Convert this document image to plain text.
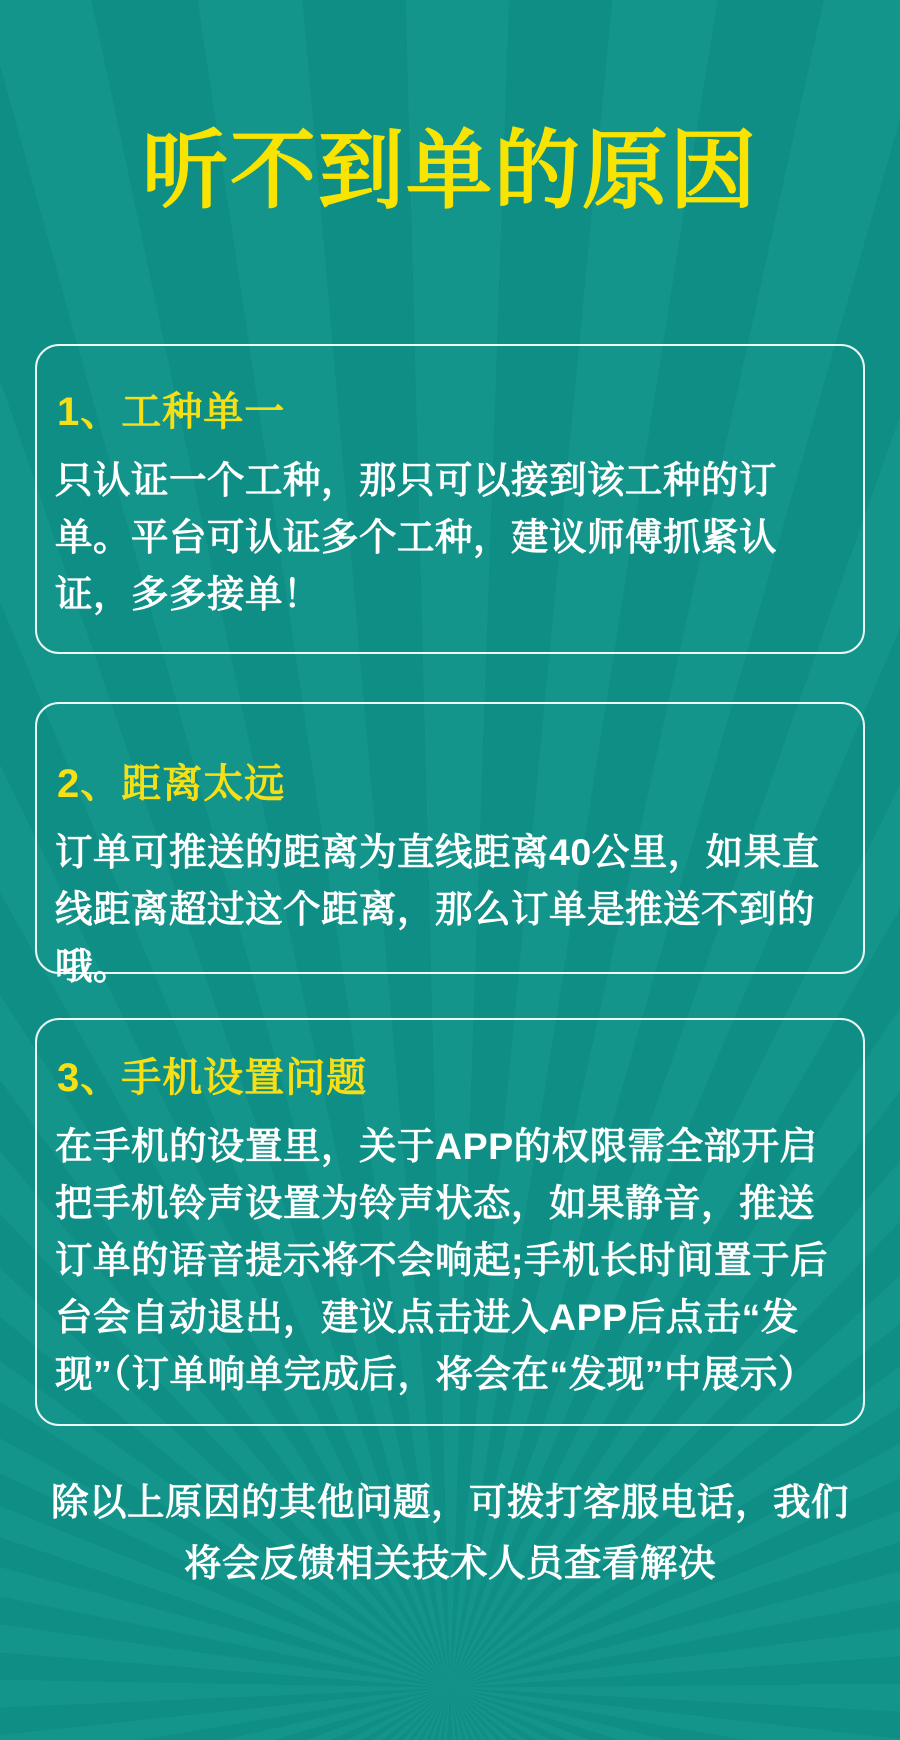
听不到单的原因
1、工种单一

只认证一个工种，那只可以接到该工种的订单。平台可认证多个工种，建议师傅抓紧认证，多多接单！

2、距离太远

订单可推送的距离为直线距离40公里，如果直线距离超过这个距离，那么订单是推送不到的哦。

3、手机设置问题

在手机的设置里，关于APP的权限需全部开启把手机铃声设置为铃声状态，如果静音，推送订单的语音提示将不会响起;手机长时间置于后台会自动退出，建议点击进入APP后点击“发现”（订单响单完成后，将会在“发现”中展示）

除以上原因的其他问题，可拨打客服电话，我们将会反馈相关技术人员查看解决
